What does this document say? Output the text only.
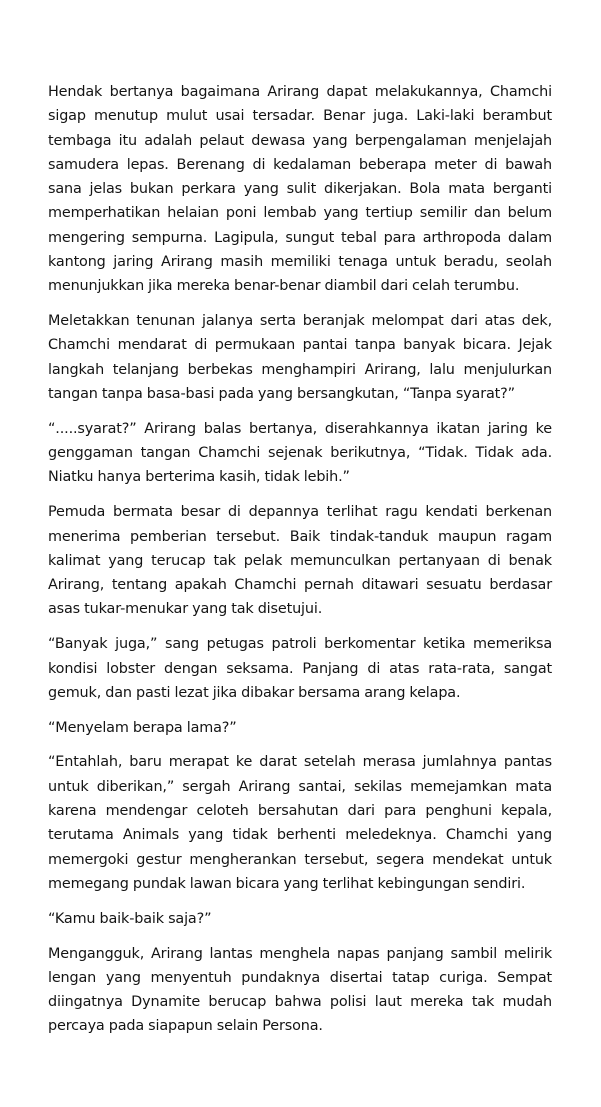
Hendak bertanya bagaimana Arirang dapat melakukannya, Chamchi sigap menutup mulut usai tersadar. Benar juga. Laki-laki berambut tembaga itu adalah pelaut dewasa yang berpengalaman menjelajah samudera lepas. Berenang di kedalaman beberapa meter di bawah sana jelas bukan perkara yang sulit dikerjakan. Bola mata berganti memperhatikan helaian poni lembab yang tertiup semilir dan belum mengering sempurna. Lagipula, sungut tebal para arthropoda dalam kantong jaring Arirang masih memiliki tenaga untuk beradu, seolah menunjukkan jika mereka benar-benar diambil dari celah terumbu.

Meletakkan tenunan jalanya serta beranjak melompat dari atas dek, Chamchi mendarat di permukaan pantai tanpa banyak bicara. Jejak langkah telanjang berbekas menghampiri Arirang, lalu menjulurkan tangan tanpa basa-basi pada yang bersangkutan, “Tanpa syarat?”

“.....syarat?” Arirang balas bertanya, diserahkannya ikatan jaring ke genggaman tangan Chamchi sejenak berikutnya, “Tidak. Tidak ada. Niatku hanya berterima kasih, tidak lebih.”

Pemuda bermata besar di depannya terlihat ragu kendati berkenan menerima pemberian tersebut. Baik tindak-tanduk maupun ragam kalimat yang terucap tak pelak memunculkan pertanyaan di benak Arirang, tentang apakah Chamchi pernah ditawari sesuatu berdasar asas tukar-menukar yang tak disetujui.

“Banyak juga,” sang petugas patroli berkomentar ketika memeriksa kondisi lobster dengan seksama. Panjang di atas rata-rata, sangat gemuk, dan pasti lezat jika dibakar bersama arang kelapa.

“Menyelam berapa lama?”

“Entahlah, baru merapat ke darat setelah merasa jumlahnya pantas untuk diberikan,” sergah Arirang santai, sekilas memejamkan mata karena mendengar celoteh bersahutan dari para penghuni kepala, terutama Animals yang tidak berhenti meledeknya. Chamchi yang memergoki gestur mengherankan tersebut, segera mendekat untuk memegang pundak lawan bicara yang terlihat kebingungan sendiri.

“Kamu baik-baik saja?”

Mengangguk, Arirang lantas menghela napas panjang sambil melirik lengan yang menyentuh pundaknya disertai tatap curiga. Sempat diingatnya Dynamite berucap bahwa polisi laut mereka tak mudah percaya pada siapapun selain Persona.
